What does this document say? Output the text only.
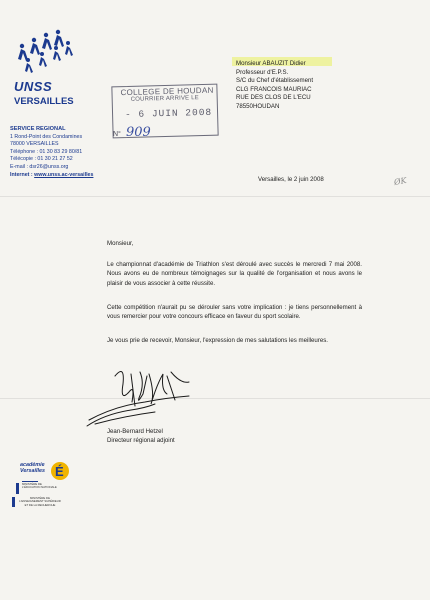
UNSS
VERSAILLES
SERVICE REGIONAL
1 Rond-Point des Condamines
78000 VERSAILLES
Téléphone : 01 30 83 29 80/81
Télécopie : 01 30 21 27 52
E-mail : dsr26@unss.org
Internet : www.unss.ac-versailles
COLLEGE DE HOUDAN
COURRIER ARRIVE LE
- 6 JUIN 2008
N° 909
Monsieur ABAUZIT Didier
Professeur d'E.P.S.
S/C du Chef d'établissement
CLG FRANCOIS MAURIAC
RUE DES CLOS DE L'ECU
78550HOUDAN
ØK
Versailles, le 2 juin 2008
Monsieur,
Le championnat d'académie de Triathlon s'est déroulé avec succès le mercredi 7 mai 2008. Nous avons eu de nombreux témoignages sur la qualité de l'organisation et nous avons le plaisir de vous associer à cette réussite.
Cette compétition n'aurait pu se dérouler sans votre implication : je tiens personnellement à vous remercier pour votre concours efficace en faveur du sport scolaire.
Je vous prie de recevoir, Monsieur, l'expression de mes salutations les meilleures.
Jean-Bernard Hetzel
Directeur régional adjoint
É
académie
Versailles
MINISTÈRE DE
L'ÉDUCATION NATIONALE
MINISTÈRE DE
L'ENSEIGNEMENT SUPÉRIEUR
ET DE LA RECHERCHE
